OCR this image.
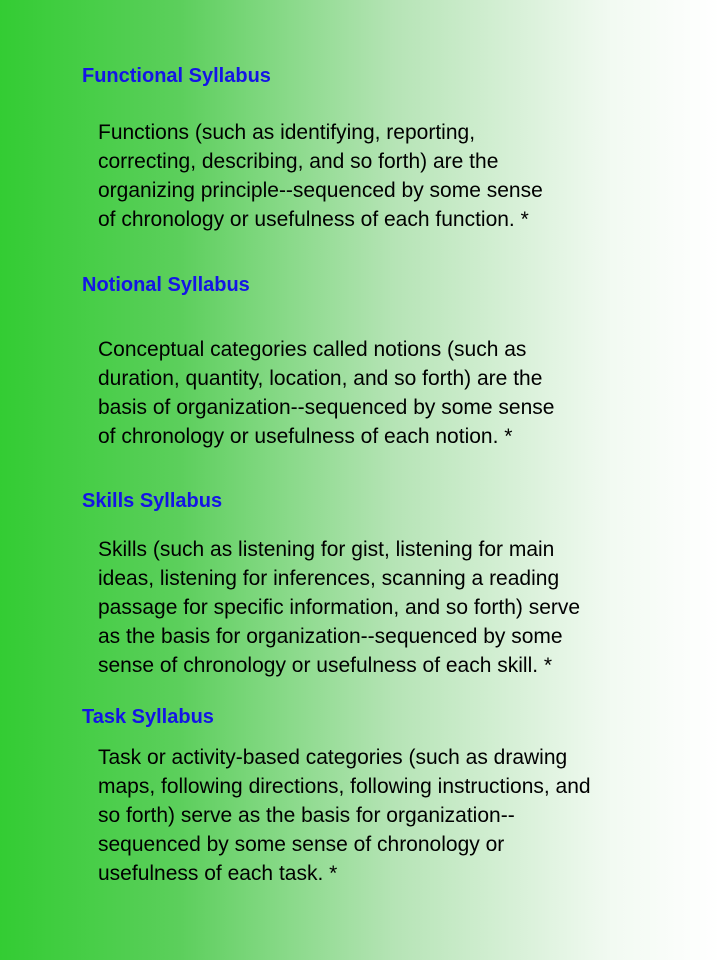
Functional Syllabus

Functions (such as identifying, reporting,
correcting, describing, and so forth) are the
organizing principle--sequenced by some sense
of chronology or usefulness of each function. *

Notional Syllabus

Conceptual categories called notions (such as
duration, quantity, location, and so forth) are the
basis of organization--sequenced by some sense
of chronology or usefulness of each notion. *

Skills Syllabus

Skills (such as listening for gist, listening for main
ideas, listening for inferences, scanning a reading
passage for specific information, and so forth) serve
as the basis for organization--sequenced by some
sense of chronology or usefulness of each skill. *

Task Syllabus

Task or activity-based categories (such as drawing
maps, following directions, following instructions, and
so forth) serve as the basis for organization--
sequenced by some sense of chronology or
usefulness of each task. *
